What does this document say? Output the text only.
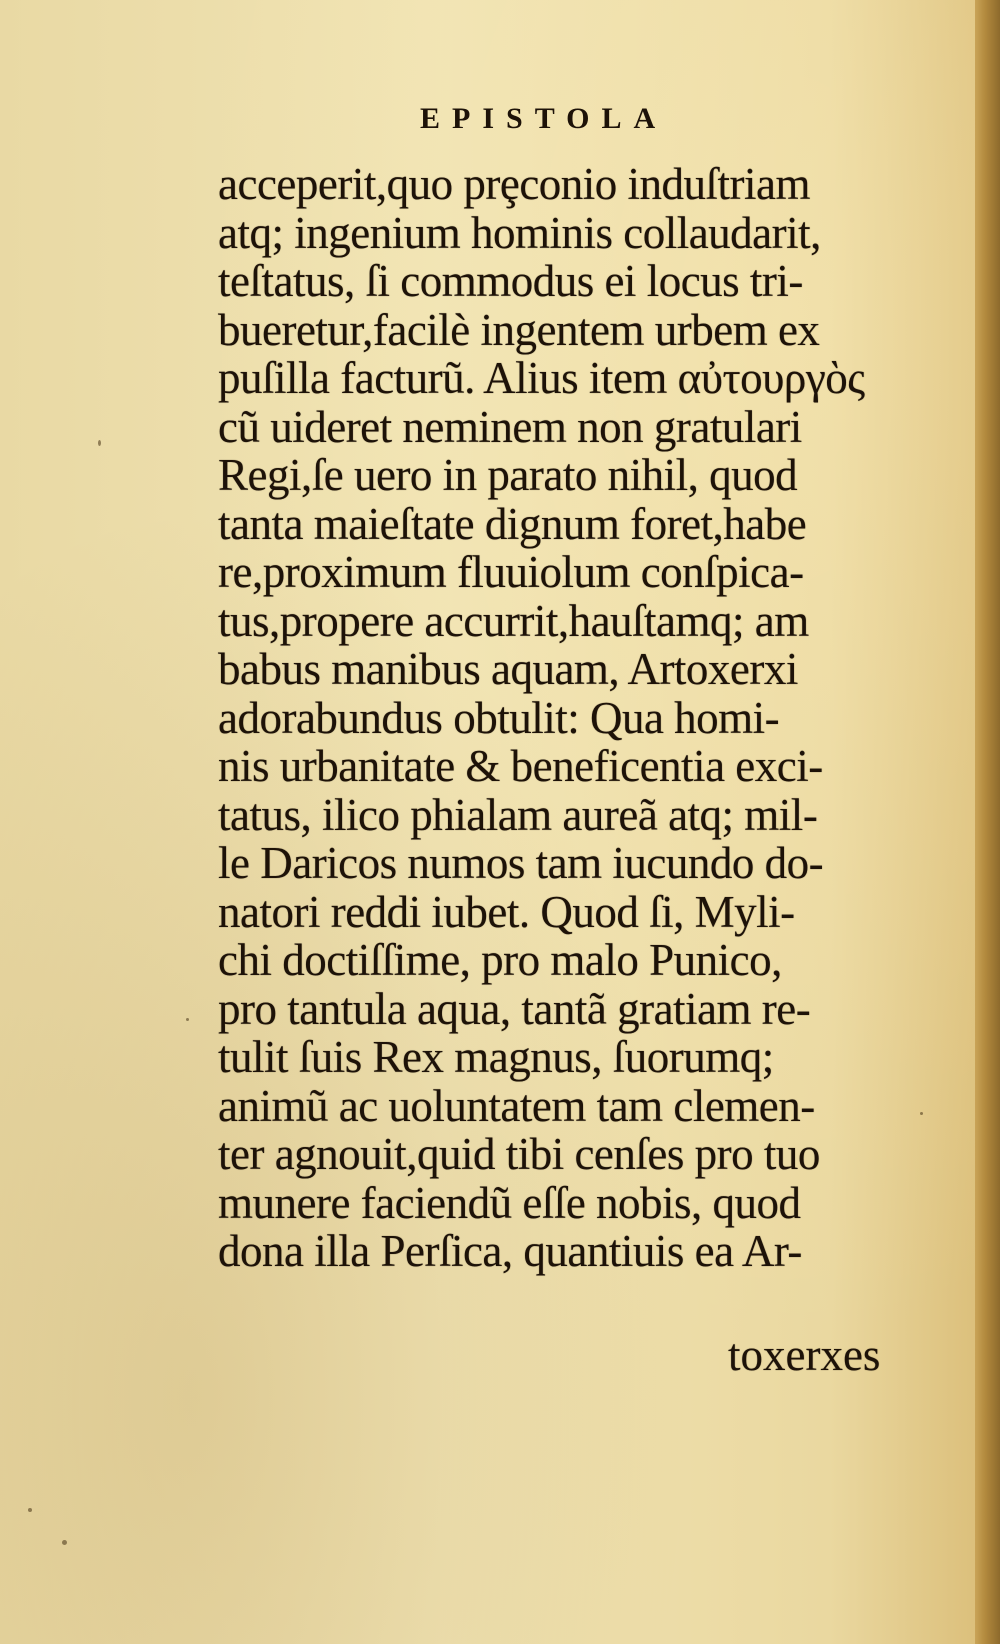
EPISTOLA
acceperit,quo prȩconio induſtriam
atq; ingenium hominis collaudarit,
teſtatus, ſi commodus ei locus tri-
bueretur,facilè ingentem urbem ex
puſilla facturũ. Alius item αὐτουργὸς
cũ uideret neminem non gratulari
Regi,ſe uero in parato nihil, quod
tanta maieſtate dignum foret,habe
re,proximum fluuiolum conſpica-
tus,propere accurrit,hauſtamq; am
babus manibus aquam, Artoxerxi
adorabundus obtulit: Qua homi-
nis urbanitate & beneficentia exci-
tatus, ilico phialam aureã atq; mil-
le Daricos numos tam iucundo do-
natori reddi iubet. Quod ſi, Myli-
chi doctiſſime, pro malo Punico,
pro tantula aqua, tantã gratiam re-
tulit ſuis Rex magnus, ſuorumq;
animũ ac uoluntatem tam clemen-
ter agnouit,quid tibi cenſes pro tuo
munere faciendũ eſſe nobis, quod
dona illa Perſica, quantiuis ea Ar-

toxerxes
